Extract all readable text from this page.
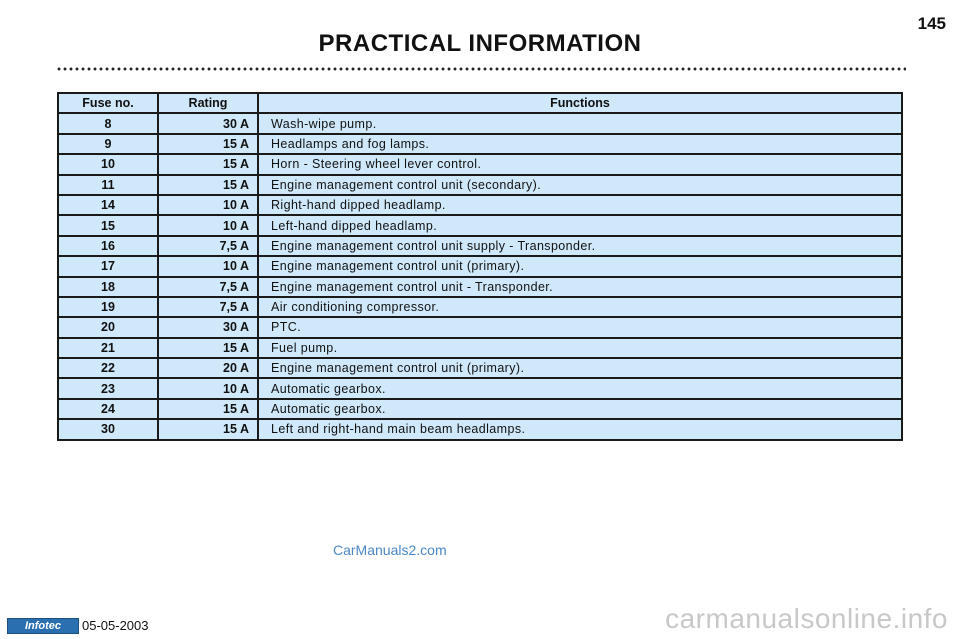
145
PRACTICAL INFORMATION
Fuse no.	Rating	Functions
8	30 A	Wash-wipe pump.
9	15 A	Headlamps and fog lamps.
10	15 A	Horn - Steering wheel lever control.
11	15 A	Engine management control unit (secondary).
14	10 A	Right-hand dipped headlamp.
15	10 A	Left-hand dipped headlamp.
16	7,5 A	Engine management control unit supply - Transponder.
17	10 A	Engine management control unit (primary).
18	7,5 A	Engine management control unit - Transponder.
19	7,5 A	Air conditioning compressor.
20	30 A	PTC.
21	15 A	Fuel pump.
22	20 A	Engine management control unit (primary).
23	10 A	Automatic gearbox.
24	15 A	Automatic gearbox.
30	15 A	Left and right-hand main beam headlamps.
CarManuals2.com
Infotec	05-05-2003	carmanualsonline.info
